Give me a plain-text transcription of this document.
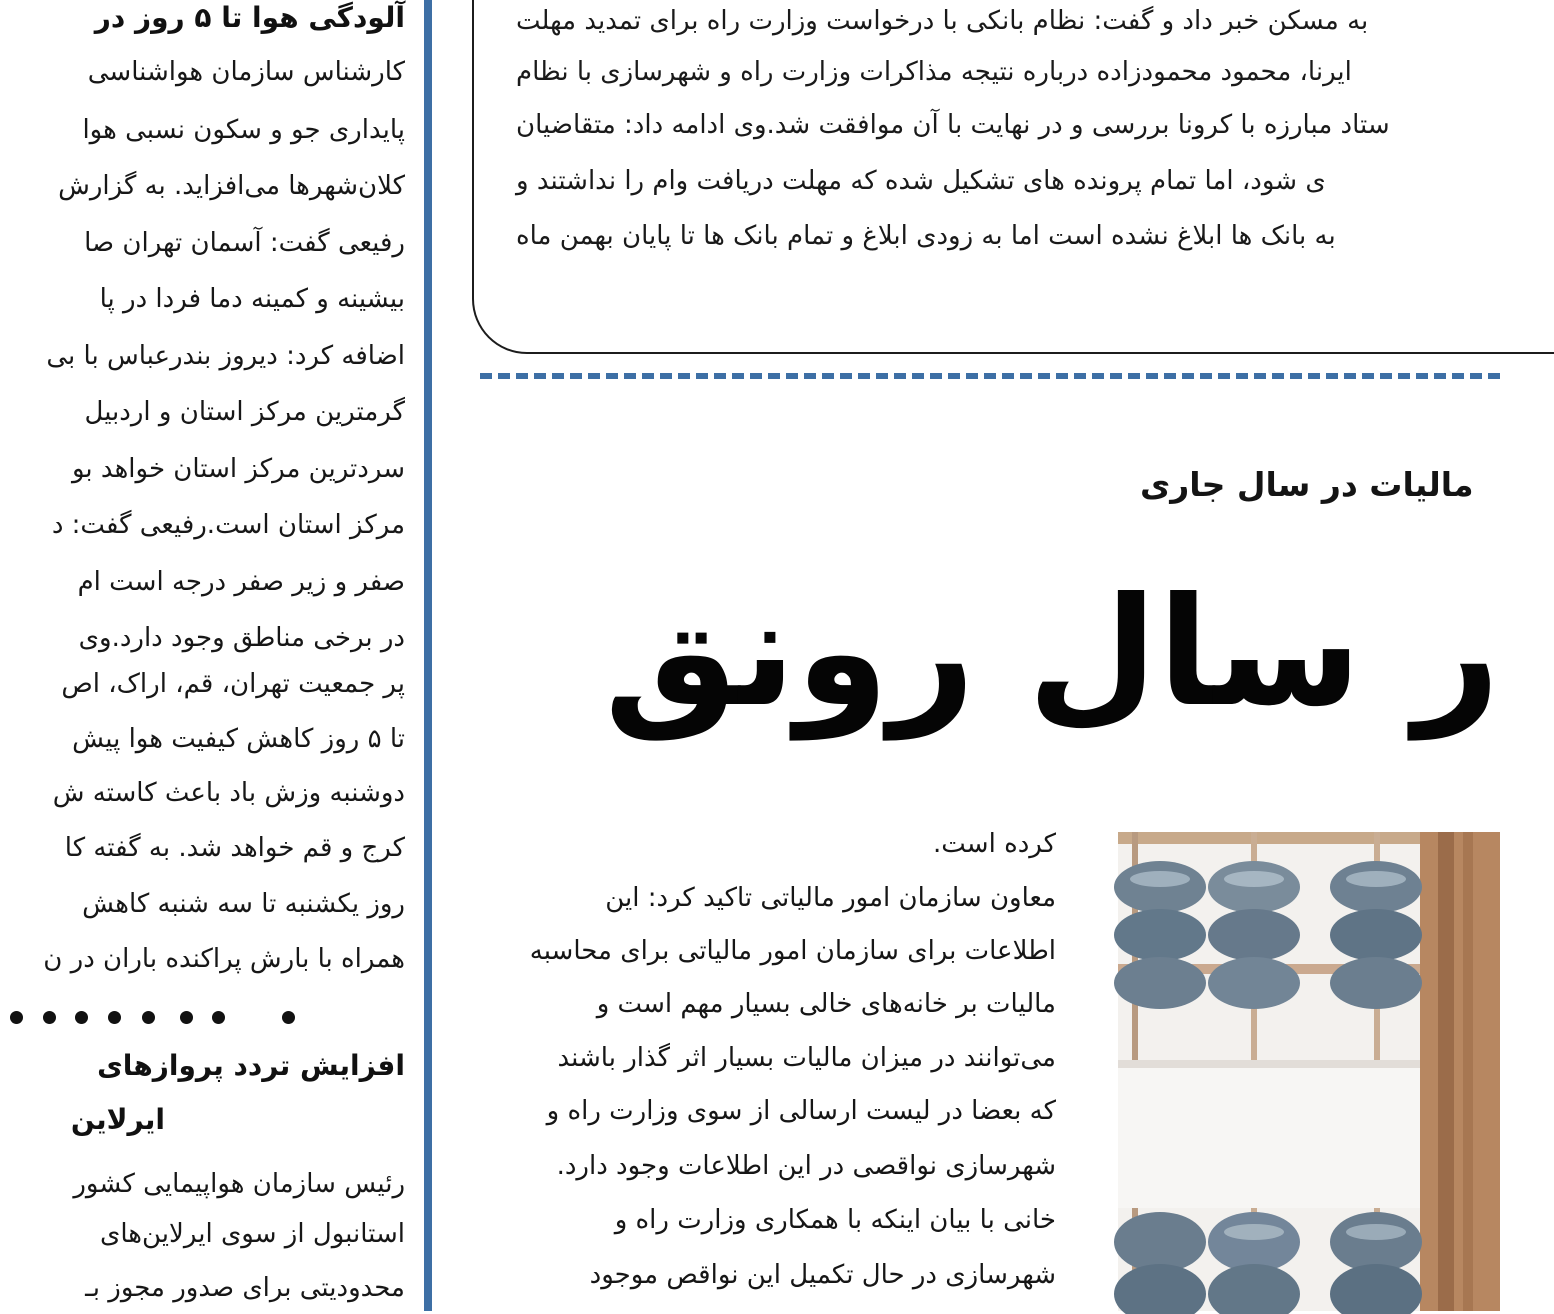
آلودگی هوا تا ۵ روز در
کارشناس سازمان هواشناسی
پایداری جو و سکون نسبی هوا
کلان‌شهرها می‌افزاید. به گزارش
رفیعی گفت: آسمان تهران صا
بیشینه و کمینه دما فردا در پا
اضافه کرد: دیروز بندرعباس با بی
گرمترین مرکز استان و اردبیل
سردترین مرکز استان خواهد بو
مرکز استان است.رفیعی گفت: د
صفر و زیر صفر درجه است ام
در برخی مناطق وجود دارد.وی
پر جمعیت تهران، قم، اراک، اص
تا ۵ روز کاهش کیفیت هوا پیش
دوشنبه وزش باد باعث کاسته ش
کرج و قم خواهد شد. به گفته کا
روز یکشنبه تا سه شنبه کاهش
همراه با بارش پراکنده باران در ن
افزایش تردد پروازهای
ایرلاین
رئیس سازمان هواپیمایی کشور
استانبول از سوی ایرلاین‌های
محدودیتی برای صدور مجوز بـ
به مسکن خبر داد و گفت: نظام بانکی با درخواست وزارت راه برای تمدید مهلت
ایرنا، محمود محمودزاده درباره نتیجه مذاکرات وزارت راه و شهرسازی با نظام
ستاد مبارزه با کرونا بررسی و در نهایت با آن موافقت شد.وی ادامه داد: متقاضیان
ی شود، اما تمام پرونده های تشکیل شده که مهلت دریافت وام را نداشتند و
به بانک ها ابلاغ نشده است اما به زودی ابلاغ و تمام بانک ها تا پایان بهمن ماه
مالیات در سال جاری
ر سال رونق
کرده است.
معاون سازمان امور مالیاتی تاکید کرد: این
اطلاعات برای سازمان امور مالیاتی برای محاسبه
مالیات بر خانه‌های خالی بسیار مهم است و
می‌توانند در میزان مالیات بسیار اثر گذار باشند
که بعضا در لیست ارسالی از سوی وزارت راه و
شهرسازی نواقصی در این اطلاعات وجود دارد.
خانی با بیان اینکه با همکاری وزارت راه و
شهرسازی در حال تکمیل این نواقص موجود
